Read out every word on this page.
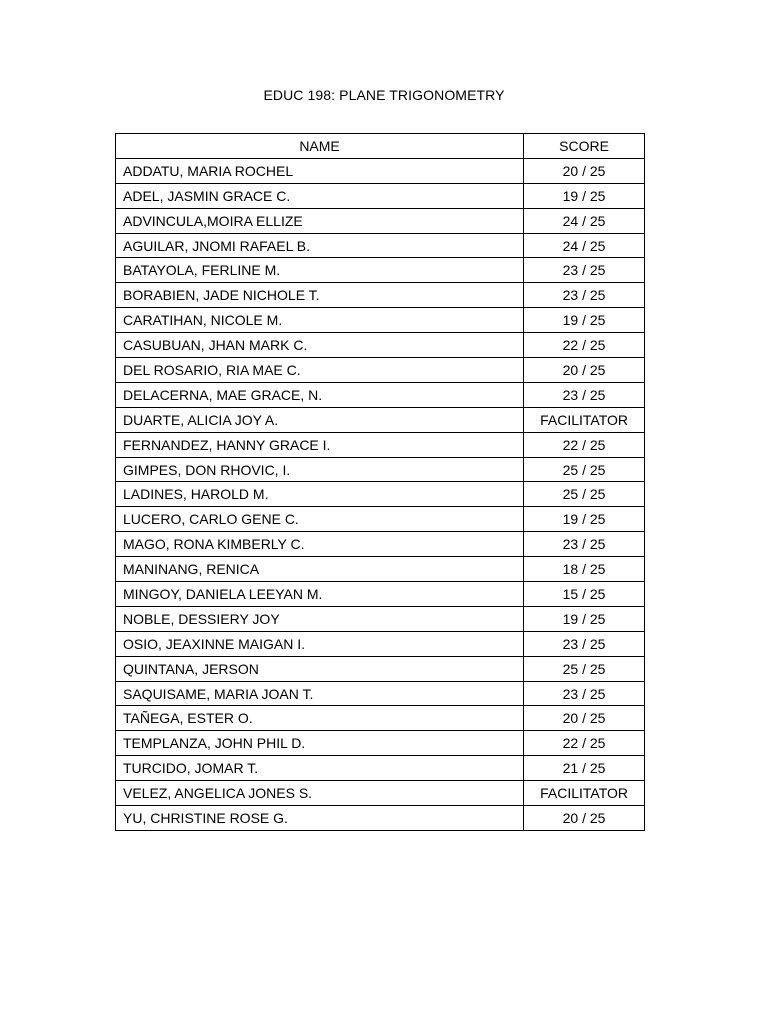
EDUC 198: PLANE TRIGONOMETRY
NAME	SCORE
ADDATU, MARIA ROCHEL	20 / 25
ADEL, JASMIN GRACE C.	19 / 25
ADVINCULA,MOIRA ELLIZE	24 / 25
AGUILAR, JNOMI RAFAEL B.	24 / 25
BATAYOLA, FERLINE M.	23 / 25
BORABIEN, JADE NICHOLE T.	23 / 25
CARATIHAN, NICOLE M.	19 / 25
CASUBUAN, JHAN MARK C.	22 / 25
DEL ROSARIO, RIA MAE C.	20 / 25
DELACERNA, MAE GRACE, N.	23 / 25
DUARTE, ALICIA JOY A.	FACILITATOR
FERNANDEZ, HANNY GRACE I.	22 / 25
GIMPES, DON RHOVIC, I.	25 / 25
LADINES, HAROLD M.	25 / 25
LUCERO, CARLO GENE C.	19 / 25
MAGO, RONA KIMBERLY C.	23 / 25
MANINANG, RENICA	18 / 25
MINGOY, DANIELA LEEYAN M.	15 / 25
NOBLE, DESSIERY JOY	19 / 25
OSIO, JEAXINNE MAIGAN I.	23 / 25
QUINTANA, JERSON	25 / 25
SAQUISAME, MARIA JOAN T.	23 / 25
TAÑEGA, ESTER O.	20 / 25
TEMPLANZA, JOHN PHIL D.	22 / 25
TURCIDO, JOMAR T.	21 / 25
VELEZ, ANGELICA JONES S.	FACILITATOR
YU, CHRISTINE ROSE G.	20 / 25
